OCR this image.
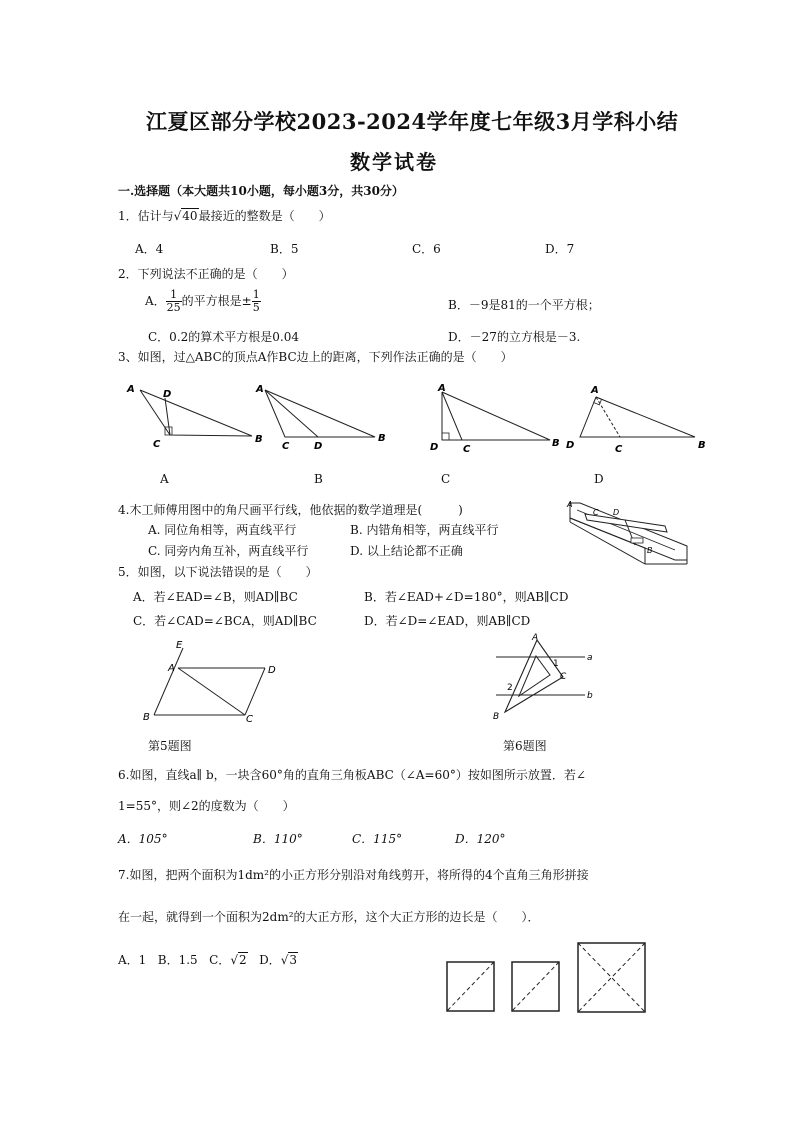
江夏区部分学校2023-2024学年度七年级3月学科小结
数学试卷
一.选择题（本大题共10小题，每小题3分，共30分）
1．估计与√40最接近的整数是（　　）
A．4	B．5	C．6	D．7
2．下列说法不正确的是（　　）
A． $\frac{1}{25}$ 的平方根是± $\frac{1}{5}$	B．－9是81的一个平方根；
C．0.2的算术平方根是0.04	D．－27的立方根是－3.
3、如图，过△ABC的顶点A作BC边上的距离，下列作法正确的是（　　）
A	D
C	B
A
A
C D
B
B
A
D C
B
C
A
D	C	B
D
4.木工师傅用图中的角尺画平行线，他依据的数学道理是(　　　)
A. 同位角相等，两直线平行	B. 内错角相等，两直线平行
C. 同旁内角互补，两直线平行	D. 以上结论都不正确
A
C D
B
5．如图，以下说法错误的是（　　）
A．若∠EAD=∠B，则AD∥BC	B．若∠EAD+∠D=180°，则AB∥CD
C．若∠CAD=∠BCA，则AD∥BC	D．若∠D=∠EAD，则AB∥CD
E
A	D
B	C
第5题图
A
1
a
C
2
b
B
第6题图
6.如图，直线a∥ b，一块含60°角的直角三角板ABC（∠A=60°）按如图所示放置．若∠
1=55°，则∠2的度数为（　　）
A．105°	B．110°	C．115°	D．120°
7.如图，把两个面积为1dm²的小正方形分别沿对角线剪开，将所得的4个直角三角形拼接
在一起，就得到一个面积为2dm²的大正方形，这个大正方形的边长是（　　）．
A．1 B．1.5 C．√2 D．√3
